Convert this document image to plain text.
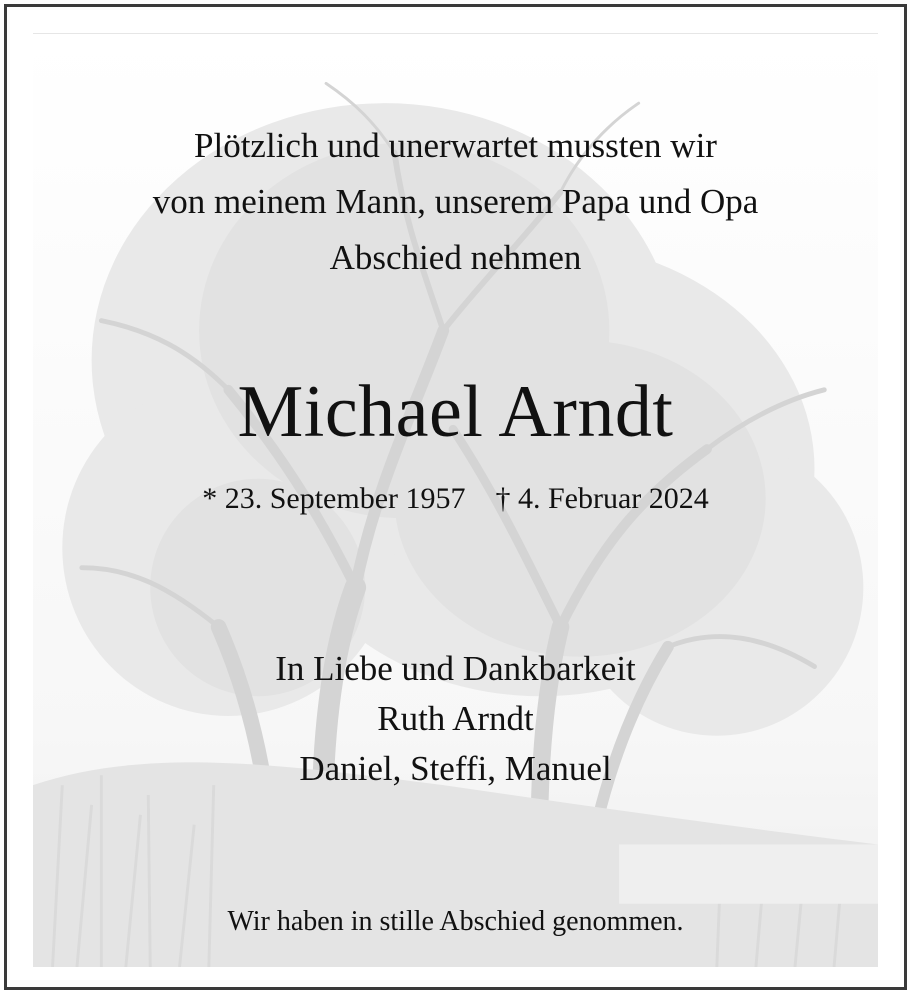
Plötzlich und unerwartet mussten wir
von meinem Mann, unserem Papa und Opa
Abschied nehmen
Michael Arndt
* 23. September 1957 † 4. Februar 2024
In Liebe und Dankbarkeit
Ruth Arndt
Daniel, Steffi, Manuel
Wir haben in stille Abschied genommen.
